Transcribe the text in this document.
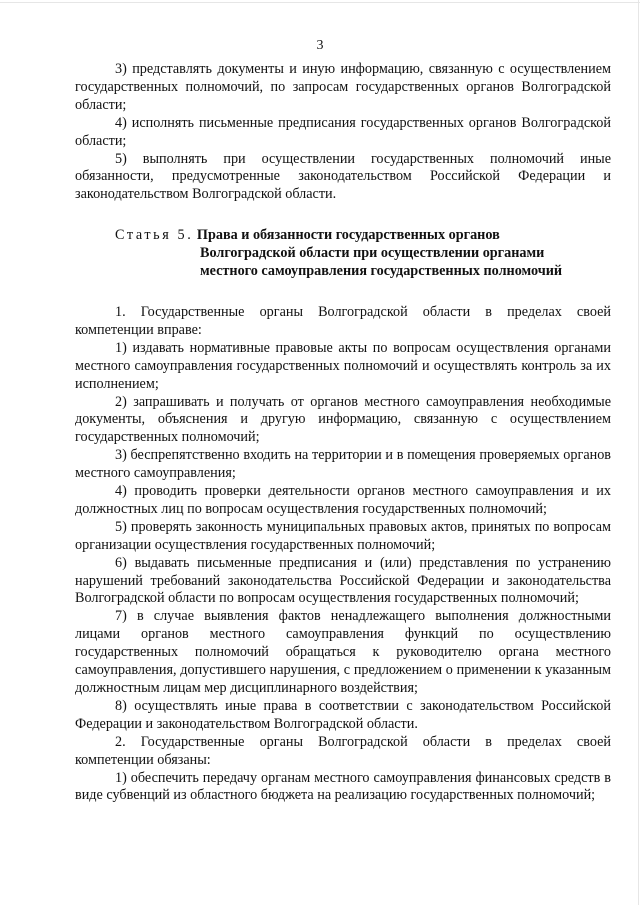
3

3) представлять документы и иную информацию, связанную с осуществлением государственных полномочий, по запросам государственных органов Волгоградской области;

4) исполнять письменные предписания государственных органов Волгоградской области;

5) выполнять при осуществлении государственных полномочий иные обязанности, предусмотренные законодательством Российской Федерации и законодательством Волгоградской области.

Статья 5. Права и обязанности государственных органов
Волгоградской области при осуществлении органами
местного самоуправления государственных полномочий

1. Государственные органы Волгоградской области в пределах своей компетенции вправе:

1) издавать нормативные правовые акты по вопросам осуществления органами местного самоуправления государственных полномочий и осуществлять контроль за их исполнением;

2) запрашивать и получать от органов местного самоуправления необходимые документы, объяснения и другую информацию, связанную с осуществлением государственных полномочий;

3) беспрепятственно входить на территории и в помещения проверяемых органов местного самоуправления;

4) проводить проверки деятельности органов местного самоуправления и их должностных лиц по вопросам осуществления государственных полномочий;

5) проверять законность муниципальных правовых актов, принятых по вопросам организации осуществления государственных полномочий;

6) выдавать письменные предписания и (или) представления по устранению нарушений требований законодательства Российской Федерации и законодательства Волгоградской области по вопросам осуществления государственных полномочий;

7) в случае выявления фактов ненадлежащего выполнения должностными лицами органов местного самоуправления функций по осуществлению государственных полномочий обращаться к руководителю органа местного самоуправления, допустившего нарушения, с предложением о применении к указанным должностным лицам мер дисциплинарного воздействия;

8) осуществлять иные права в соответствии с законодательством Российской Федерации и законодательством Волгоградской области.

2. Государственные органы Волгоградской области в пределах своей компетенции обязаны:

1) обеспечить передачу органам местного самоуправления финансовых средств в виде субвенций из областного бюджета на реализацию государственных полномочий;
